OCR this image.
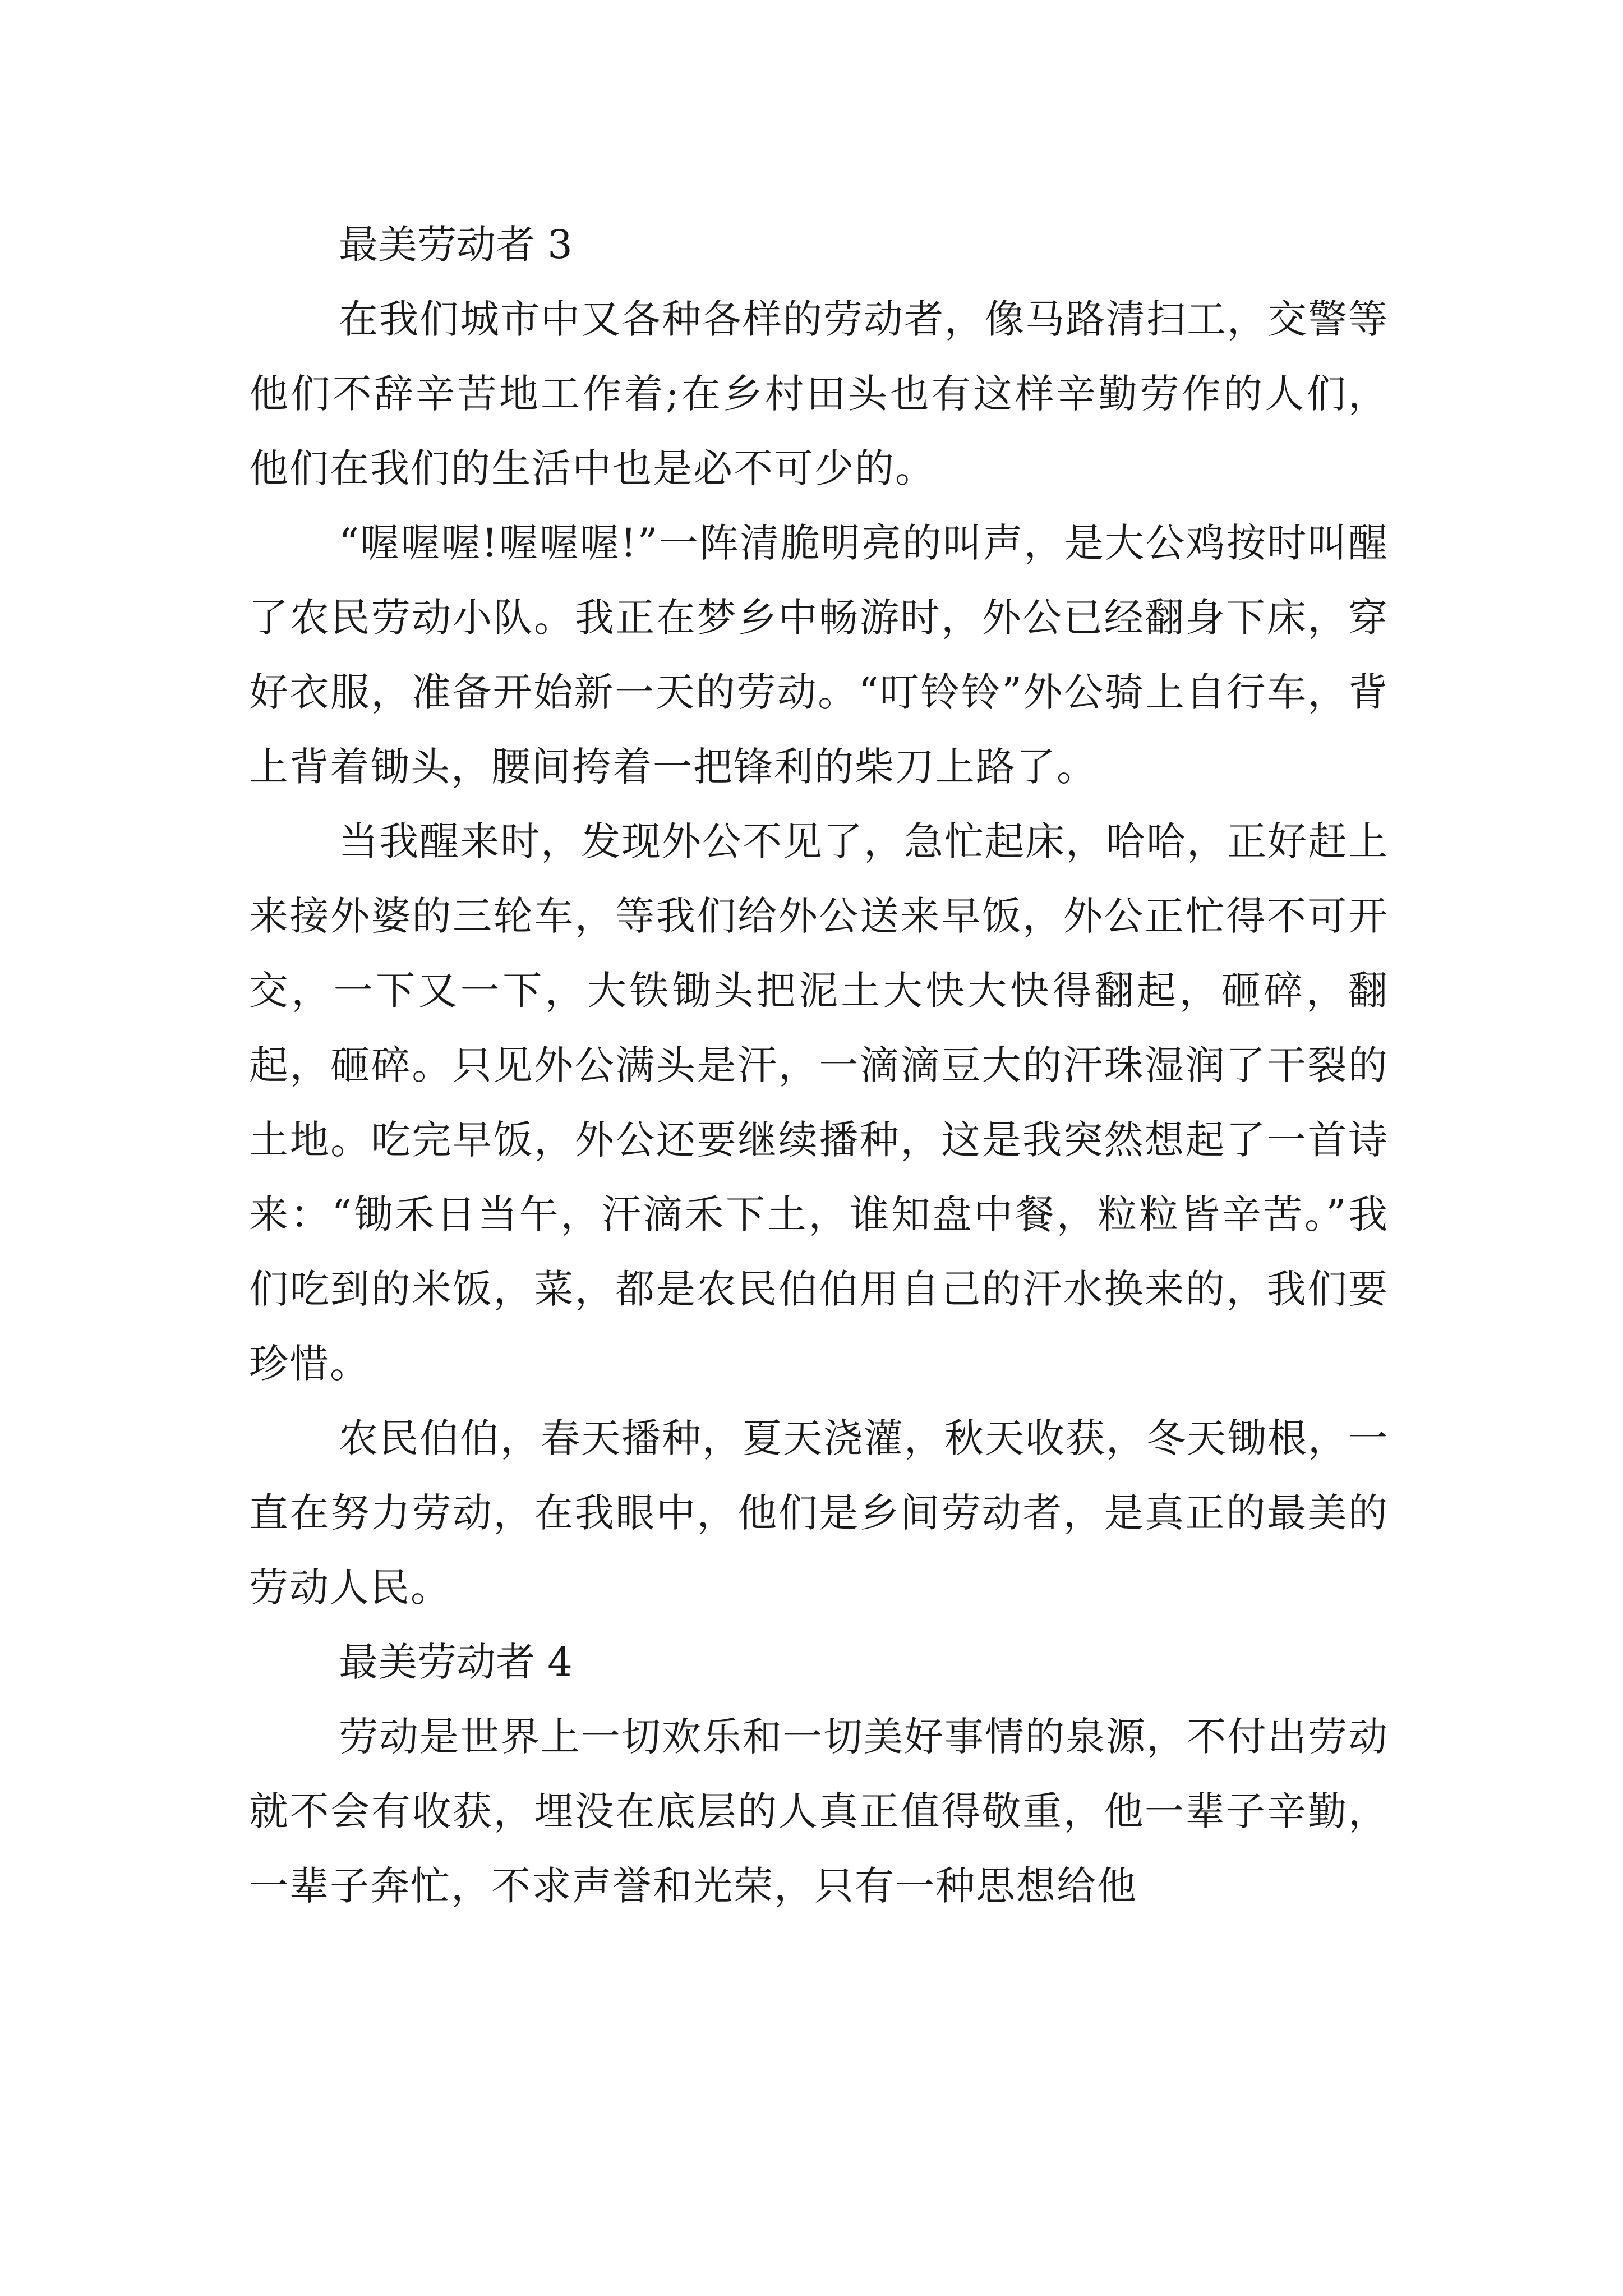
最美劳动者 3

在我们城市中又各种各样的劳动者，像马路清扫工，交警等他们不辞辛苦地工作着;在乡村田头也有这样辛勤劳作的人们，他们在我们的生活中也是必不可少的。

“喔喔喔!喔喔喔!”一阵清脆明亮的叫声，是大公鸡按时叫醒了农民劳动小队。我正在梦乡中畅游时，外公已经翻身下床，穿好衣服，准备开始新一天的劳动。“叮铃铃”外公骑上自行车，背上背着锄头，腰间挎着一把锋利的柴刀上路了。

当我醒来时，发现外公不见了，急忙起床，哈哈，正好赶上来接外婆的三轮车，等我们给外公送来早饭，外公正忙得不可开交，一下又一下，大铁锄头把泥土大快大快得翻起，砸碎，翻起，砸碎。只见外公满头是汗，一滴滴豆大的汗珠湿润了干裂的土地。吃完早饭，外公还要继续播种，这是我突然想起了一首诗来：“锄禾日当午，汗滴禾下土，谁知盘中餐，粒粒皆辛苦。”我们吃到的米饭，菜，都是农民伯伯用自己的汗水换来的，我们要珍惜。

农民伯伯，春天播种，夏天浇灌，秋天收获，冬天锄根，一直在努力劳动，在我眼中，他们是乡间劳动者，是真正的最美的劳动人民。

最美劳动者 4

劳动是世界上一切欢乐和一切美好事情的泉源，不付出劳动就不会有收获，埋没在底层的人真正值得敬重，他一辈子辛勤，一辈子奔忙，不求声誉和光荣，只有一种思想给他
